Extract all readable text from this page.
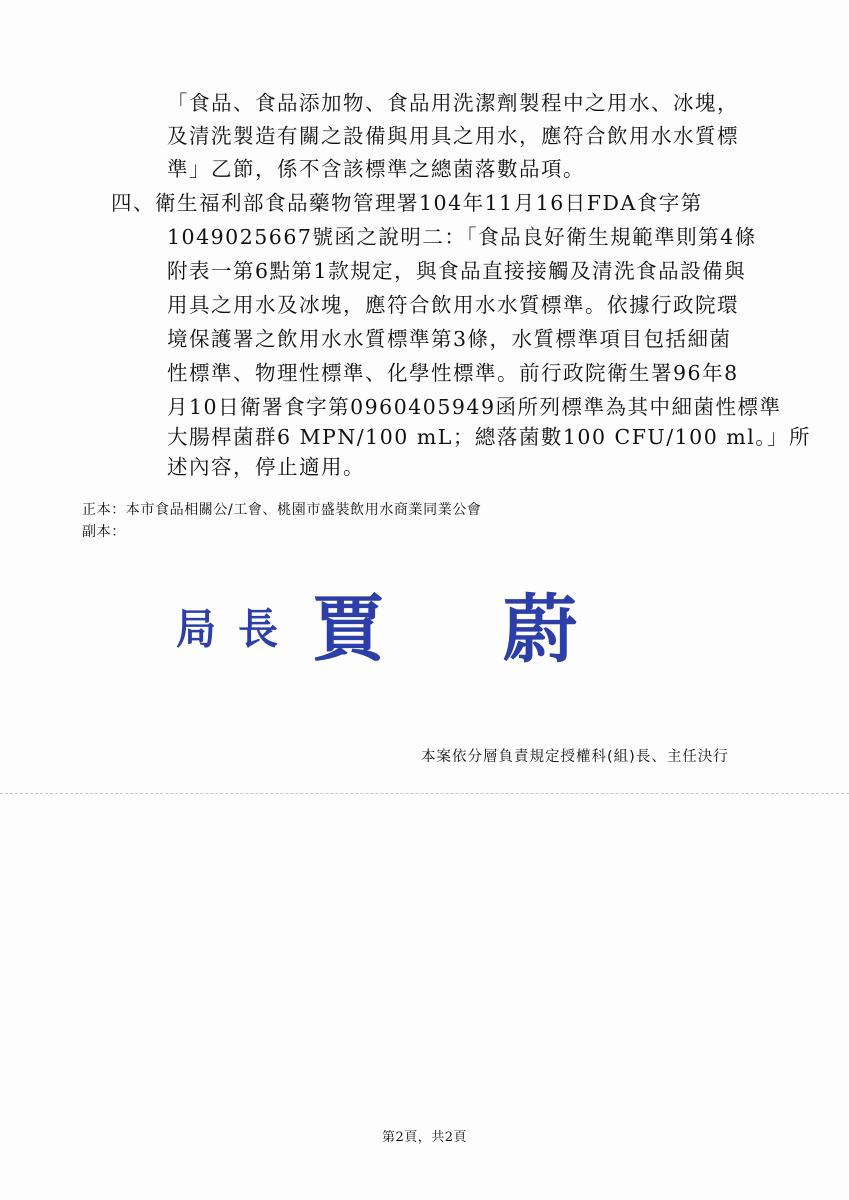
「食品、食品添加物、食品用洗潔劑製程中之用水、冰塊，
及清洗製造有關之設備與用具之用水，應符合飲用水水質標
準」乙節，係不含該標準之總菌落數品項。
四、衛生福利部食品藥物管理署104年11月16日FDA食字第
1049025667號函之說明二：「食品良好衛生規範準則第4條
附表一第6點第1款規定，與食品直接接觸及清洗食品設備與
用具之用水及冰塊，應符合飲用水水質標準。依據行政院環
境保護署之飲用水水質標準第3條，水質標準項目包括細菌
性標準、物理性標準、化學性標準。前行政院衛生署96年8
月10日衛署食字第0960405949函所列標準為其中細菌性標準
大腸桿菌群6 MPN/100 mL；總落菌數100 CFU/100 ml。」所
述內容，停止適用。
正本：本市食品相關公/工會、桃園市盛裝飲用水商業同業公會
副本：
局長 賈 蔚
本案依分層負責規定授權科(組)長、主任決行
第2頁，共2頁
